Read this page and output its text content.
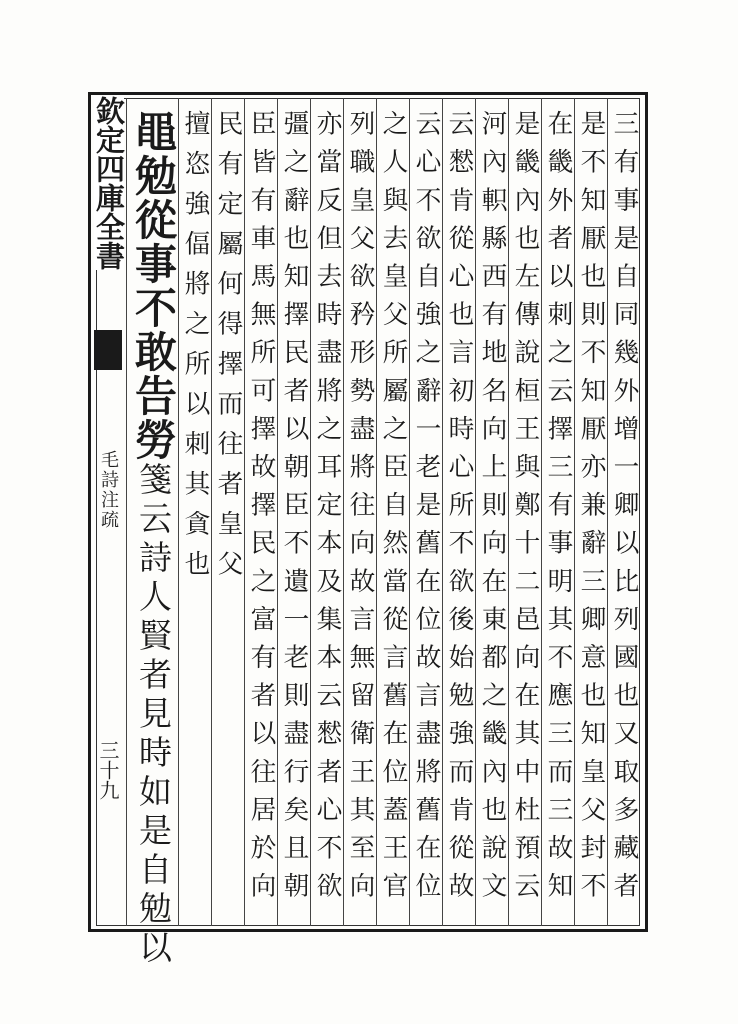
欽定四庫全書
毛詩注疏
三十九
黽勉從事不敢告勞箋云詩人賢者見時如是自勉以	三有事是自同幾外增一卿以比列國也又取多藏者
是不知厭也則不知厭亦兼辭三卿意也知皇父封不
在畿外者以刺之云擇三有事明其不應三而三故知
是畿內也左傳說桓王與鄭十二邑向在其中杜預云
河內軹縣西有地名向上則向在東都之畿內也說文
云憖肯從心也言初時心所不欲後始勉強而肯從故
云心不欲自強之辭一老是舊在位故言盡將舊在位
之人與去皇父所屬之臣自然當從言舊在位蓋王官
列職皇父欲矜形勢盡將往向故言無留衛王其至向
亦當反但去時盡將之耳定本及集本云憖者心不欲
彊之辭也知擇民者以朝臣不遺一老則盡行矣且朝
臣皆有車馬無所可擇故擇民之富有者以往居於向
民有定屬何得擇而往者皇父
擅恣強偪將之所以刺其貪也
